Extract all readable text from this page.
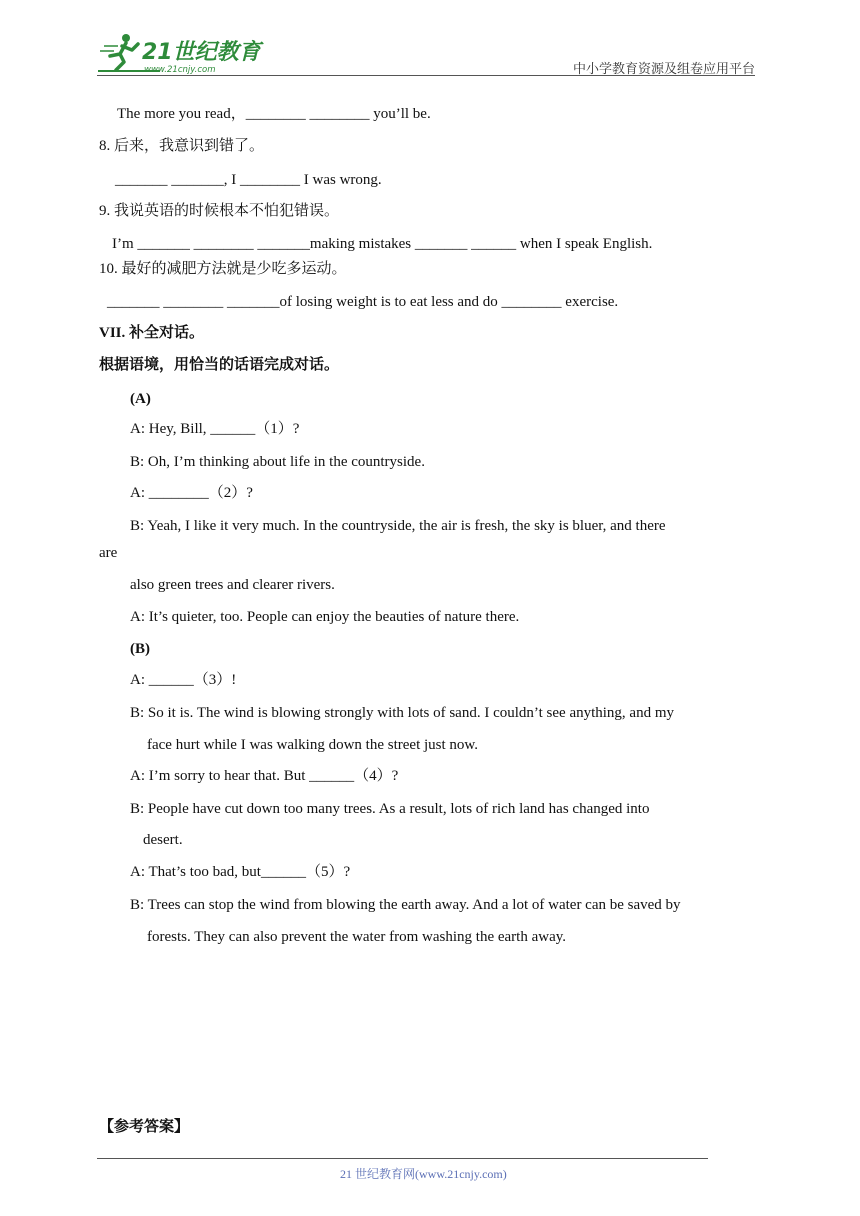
21世纪教育
www.21cnjy.com	中小学教育资源及组卷应用平台
The more you read，________ ________ you’ll be.
8. 后来，我意识到错了。
_______ _______, I ________ I was wrong.
9. 我说英语的时候根本不怕犯错误。
I’m _______ ________ _______making mistakes _______ ______ when I speak English.
10. 最好的减肥方法就是少吃多运动。
_______ ________ _______of losing weight is to eat less and do ________ exercise.
VII. 补全对话。
根据语境，用恰当的话语完成对话。
(A)
A: Hey, Bill, ______（1）?
B: Oh, I’m thinking about life in the countryside.
A: ________（2）?
B: Yeah, I like it very much. In the countryside, the air is fresh, the sky is bluer, and there
are
also green trees and clearer rivers.
A: It’s quieter, too. People can enjoy the beauties of nature there.
(B)
A: ______（3）!
B: So it is. The wind is blowing strongly with lots of sand. I couldn’t see anything, and my
face hurt while I was walking down the street just now.
A: I’m sorry to hear that. But ______（4）?
B: People have cut down too many trees. As a result, lots of rich land has changed into
desert.
A: That’s too bad, but______（5）?
B: Trees can stop the wind from blowing the earth away. And a lot of water can be saved by
forests. They can also prevent the water from washing the earth away.
【参考答案】
21 世纪教育网(www.21cnjy.com)
